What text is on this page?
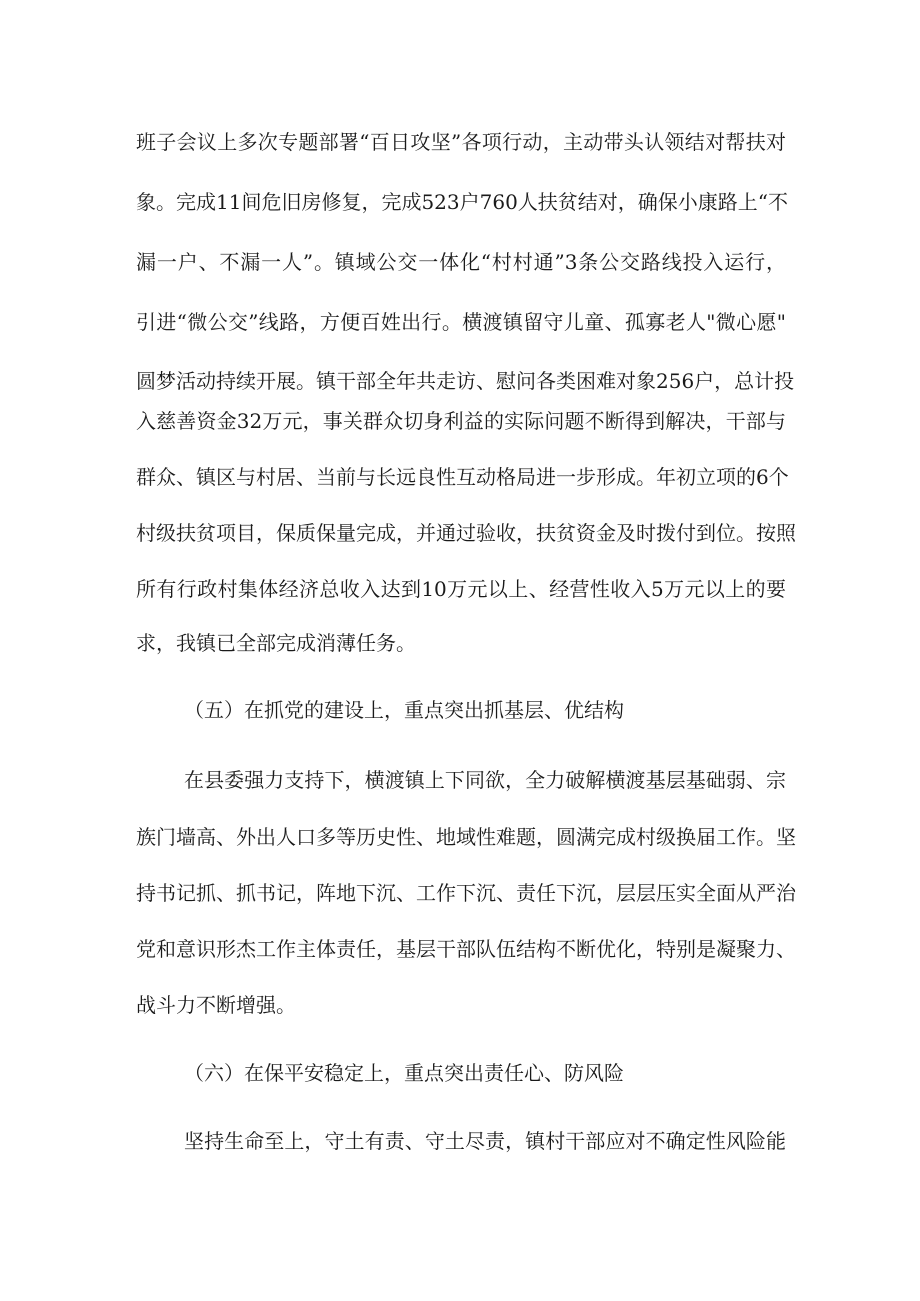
班子会议上多次专题部署“百日攻坚”各项行动，主动带头认领结对帮扶对
象。完成11间危旧房修复，完成523户760人扶贫结对，确保小康路上“不
漏一户、不漏一人”。镇域公交一体化“村村通”3条公交路线投入运行，
引进“微公交”线路，方便百姓出行。横渡镇留守儿童、孤寡老人"微心愿"
圆梦活动持续开展。镇干部全年共走访、慰问各类困难对象256户，总计投
入慈善资金32万元，事关群众切身利益的实际问题不断得到解决，干部与
群众、镇区与村居、当前与长远良性互动格局进一步形成。年初立项的6个
村级扶贫项目，保质保量完成，并通过验收，扶贫资金及时拨付到位。按照
所有行政村集体经济总收入达到10万元以上、经营性收入5万元以上的要
求，我镇已全部完成消薄任务。
（五）在抓党的建设上，重点突出抓基层、优结构
在县委强力支持下，横渡镇上下同欲，全力破解横渡基层基础弱、宗
族门墙高、外出人口多等历史性、地域性难题，圆满完成村级换届工作。坚
持书记抓、抓书记，阵地下沉、工作下沉、责任下沉，层层压实全面从严治
党和意识形杰工作主体责任，基层干部队伍结构不断优化，特别是凝聚力、
战斗力不断增强。
（六）在保平安稳定上，重点突出责任心、防风险
坚持生命至上，守土有责、守土尽责，镇村干部应对不确定性风险能
